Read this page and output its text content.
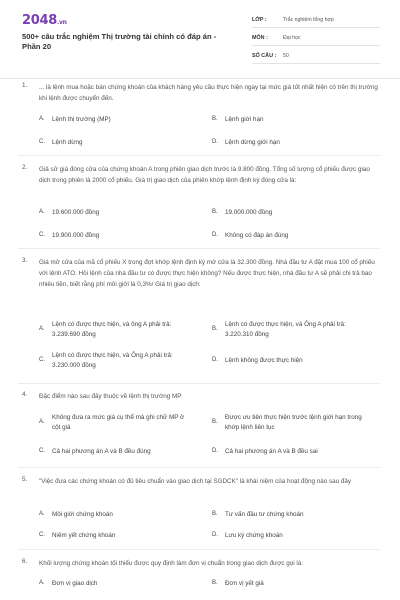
2048.vn
500+ câu trắc nghiệm Thị trường tài chính có đáp án - Phần 20
LỚP :	Trắc nghiệm tổng hợp
MÔN :	Đại học
SỐ CÂU :	50
1. ... là lệnh mua hoặc bán chứng khoán của khách hàng yêu cầu thực hiện ngay tại mức giá tốt nhất hiện có trên thị trường khi lệnh được chuyển đến.
A.	Lệnh thị trường (MP)	B.	Lệnh giới hạn
C.	Lệnh dừng	D.	Lệnh dừng giới hạn
2. Giả sử giá đóng cửa của chứng khoán A trong phiên giao dịch trước là 9.800 đồng. Tổng số lượng cổ phiếu được giao dịch trong phiên là 2000 cổ phiếu. Giá trị giao dịch của phiên khớp lệnh định kỳ đóng cửa là:
A.	19.600.000 đồng	B.	19.000.000 đồng
C.	19.900.000 đồng	D.	Không có đáp án đúng
3. Giá mở cửa của mã cổ phiếu X trong đợt khớp lệnh định kỳ mở cửa là 32.300 đồng. Nhà đầu tư A đặt mua 100 cổ phiếu với lệnh ATO. Hỏi lệnh của nhà đầu tư có được thực hiện không? Nếu được thực hiện, nhà đầu tư A sẽ phải chi trả bao nhiêu tiền, biết rằng phí môi giới là 0,3%/ Giá trị giao dịch:
A.
Lệnh có được thực hiện, và ông A phải trả: 3.239.690 đồng
B.
Lệnh có được thực hiện, và Ông A phải trả: 3.220.310 đồng
C.
Lệnh có được thực hiện, và Ông A phải trả: 3.230.000 đồng
D.	Lệnh không được thực hiện
4. Đặc điểm nào sau đây thuộc về lệnh thị trường MP
A.
Không đưa ra mức giá cụ thể mà ghi chữ MP ở cột giá
B.
Được ưu tiên thực hiện trước lệnh giới hạn trong khớp lệnh liên tục
C.	Cả hai phương án A và B đều đúng	D.	Cả hai phương án A và B đều sai
5. "Việc đưa các chứng khoán có đủ tiêu chuẩn vào giao dịch tại SGDCK" là khái niệm của hoạt động nào sau đây
A.	Môi giới chứng khoán	B.	Tư vấn đầu tư chứng khoán
C.	Niêm yết chứng khoán	D.	Lưu ký chứng khoán
6. Khối lượng chứng khoán tối thiểu được quy định làm đơn vị chuẩn trong giao dịch được gọi là:
A.	Đơn vị giao dịch	B.	Đơn vị yết giá
